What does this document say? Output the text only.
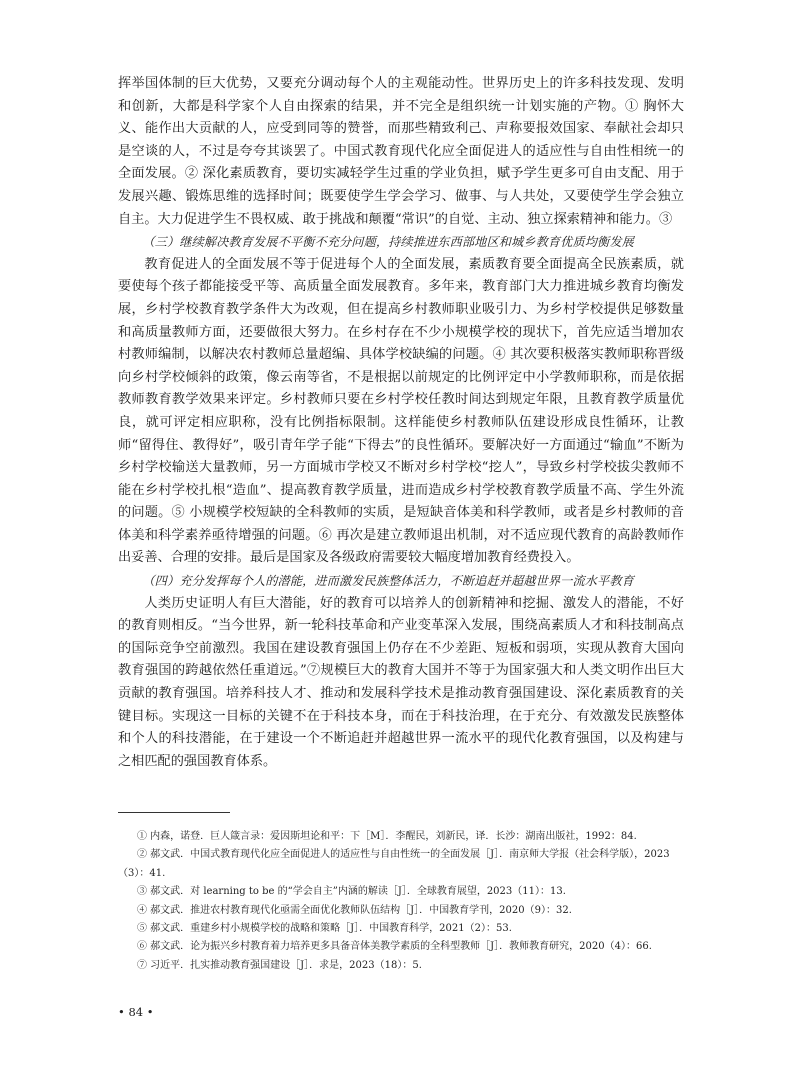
挥举国体制的巨大优势，又要充分调动每个人的主观能动性。世界历史上的许多科技发现、发明和创新，大都是科学家个人自由探索的结果，并不完全是组织统一计划实施的产物。① 胸怀大义、能作出大贡献的人，应受到同等的赞誉，而那些精致利己、声称要报效国家、奉献社会却只是空谈的人，不过是夸夸其谈罢了。中国式教育现代化应全面促进人的适应性与自由性相统一的全面发展。② 深化素质教育，要切实减轻学生过重的学业负担，赋予学生更多可自由支配、用于发展兴趣、锻炼思维的选择时间；既要使学生学会学习、做事、与人共处，又要使学生学会独立自主。大力促进学生不畏权威、敢于挑战和颠覆“常识”的自觉、主动、独立探索精神和能力。③

（三）继续解决教育发展不平衡不充分问题，持续推进东西部地区和城乡教育优质均衡发展

教育促进人的全面发展不等于促进每个人的全面发展，素质教育要全面提高全民族素质，就要使每个孩子都能接受平等、高质量全面发展教育。多年来，教育部门大力推进城乡教育均衡发展，乡村学校教育教学条件大为改观，但在提高乡村教师职业吸引力、为乡村学校提供足够数量和高质量教师方面，还要做很大努力。在乡村存在不少小规模学校的现状下，首先应适当增加农村教师编制，以解决农村教师总量超编、具体学校缺编的问题。④ 其次要积极落实教师职称晋级向乡村学校倾斜的政策，像云南等省，不是根据以前规定的比例评定中小学教师职称，而是依据教师教育教学效果来评定。乡村教师只要在乡村学校任教时间达到规定年限，且教育教学质量优良，就可评定相应职称，没有比例指标限制。这样能使乡村教师队伍建设形成良性循环，让教师“留得住、教得好”，吸引青年学子能“下得去”的良性循环。要解决好一方面通过“输血”不断为乡村学校输送大量教师，另一方面城市学校又不断对乡村学校“挖人”，导致乡村学校拔尖教师不能在乡村学校扎根“造血”、提高教育教学质量，进而造成乡村学校教育教学质量不高、学生外流的问题。⑤ 小规模学校短缺的全科教师的实质，是短缺音体美和科学教师，或者是乡村教师的音体美和科学素养亟待增强的问题。⑥ 再次是建立教师退出机制，对不适应现代教育的高龄教师作出妥善、合理的安排。最后是国家及各级政府需要较大幅度增加教育经费投入。

（四）充分发挥每个人的潜能，进而激发民族整体活力，不断追赶并超越世界一流水平教育

人类历史证明人有巨大潜能，好的教育可以培养人的创新精神和挖掘、激发人的潜能，不好的教育则相反。“当今世界，新一轮科技革命和产业变革深入发展，围绕高素质人才和科技制高点的国际竞争空前激烈。我国在建设教育强国上仍存在不少差距、短板和弱项，实现从教育大国向教育强国的跨越依然任重道远。”⑦规模巨大的教育大国并不等于为国家强大和人类文明作出巨大贡献的教育强国。培养科技人才、推动和发展科学技术是推动教育强国建设、深化素质教育的关键目标。实现这一目标的关键不在于科技本身，而在于科技治理，在于充分、有效激发民族整体和个人的科技潜能，在于建设一个不断追赶并超越世界一流水平的现代化教育强国，以及构建与之相匹配的强国教育体系。

① 内森，诺登．巨人箴言录：爱因斯坦论和平：下［M］．李醒民，刘新民，译．长沙：湖南出版社，1992：84.

② 郝文武．中国式教育现代化应全面促进人的适应性与自由性统一的全面发展［J］．南京师大学报（社会科学版），2023（3）：41.

③ 郝文武．对 learning to be 的“学会自主”内涵的解读［J］．全球教育展望，2023（11）：13.

④ 郝文武．推进农村教育现代化亟需全面优化教师队伍结构［J］．中国教育学刊，2020（9）：32.

⑤ 郝文武．重建乡村小规模学校的战略和策略［J］．中国教育科学，2021（2）：53.

⑥ 郝文武．论为振兴乡村教育着力培养更多具备音体美教学素质的全科型教师［J］．教师教育研究，2020（4）：66.

⑦ 习近平．扎实推动教育强国建设［J］．求是，2023（18）：5.

• 84 •
